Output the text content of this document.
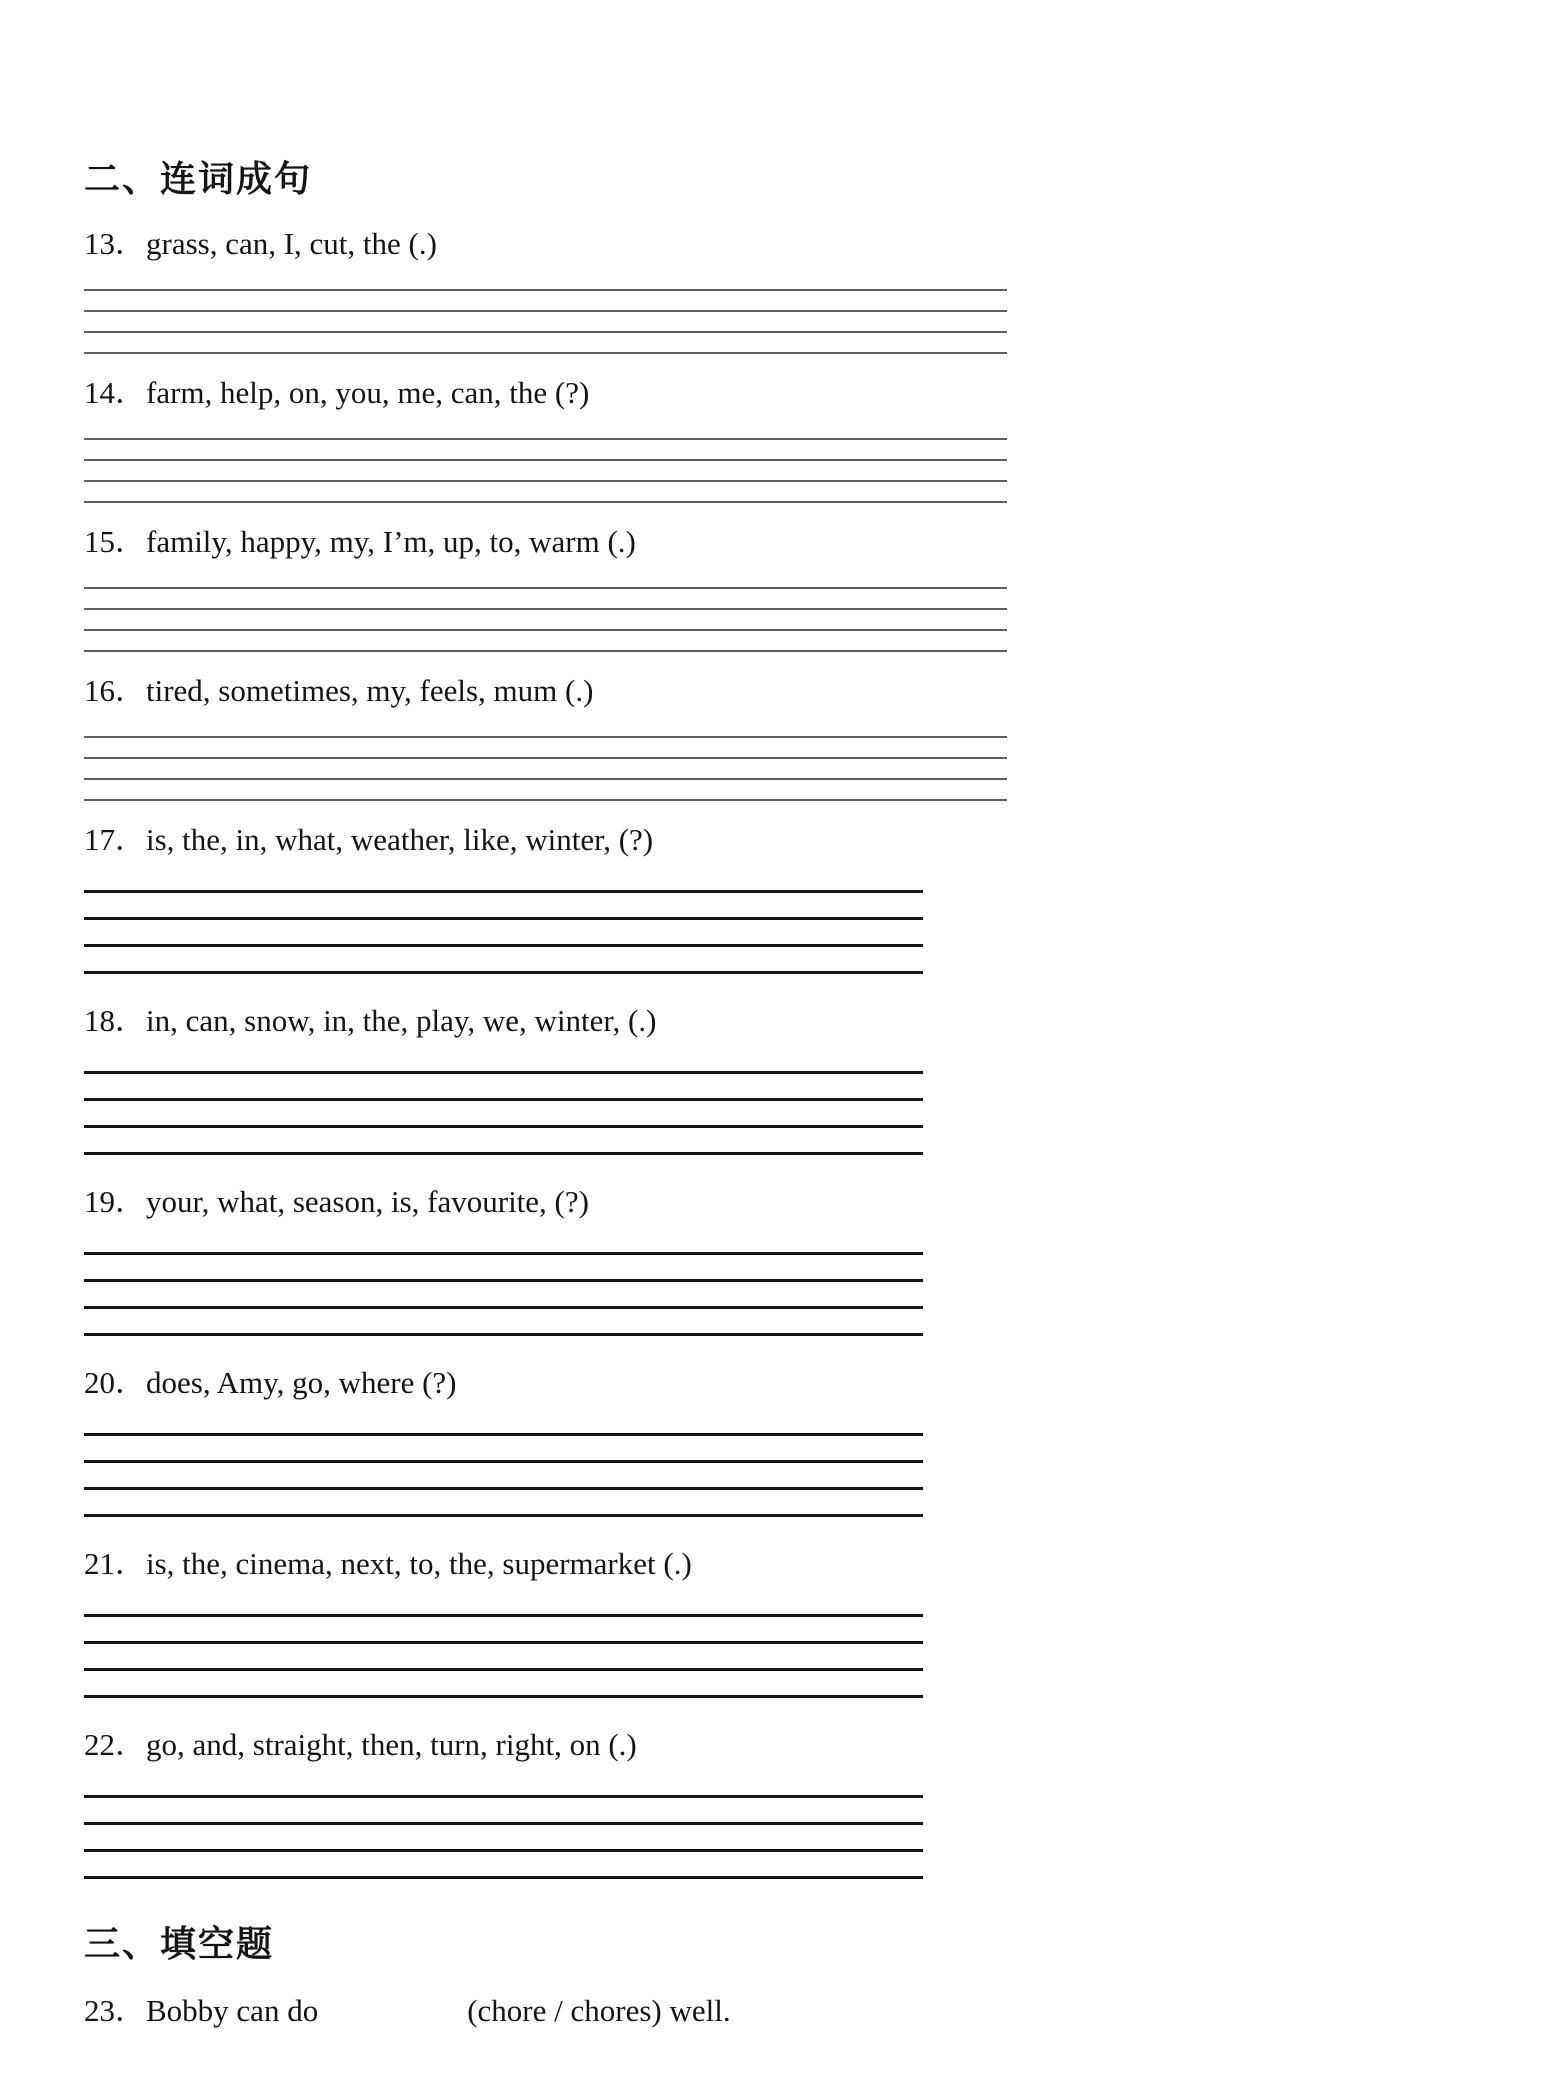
二、连词成句
13．grass, can, I, cut, the (.)
14．farm, help, on, you, me, can, the (?)
15．family, happy, my, I’m, up, to, warm (.)
16．tired, sometimes, my, feels, mum (.)
17．is, the, in, what, weather, like, winter, (?)
18．in, can, snow, in, the, play, we, winter, (.)
19．your, what, season, is, favourite, (?)
20．does, Amy, go, where (?)
21．is, the, cinema, next, to, the, supermarket (.)
22．go, and, straight, then, turn, right, on (.)
三、填空题
23． Bobby can do	(chore / chores) well.
